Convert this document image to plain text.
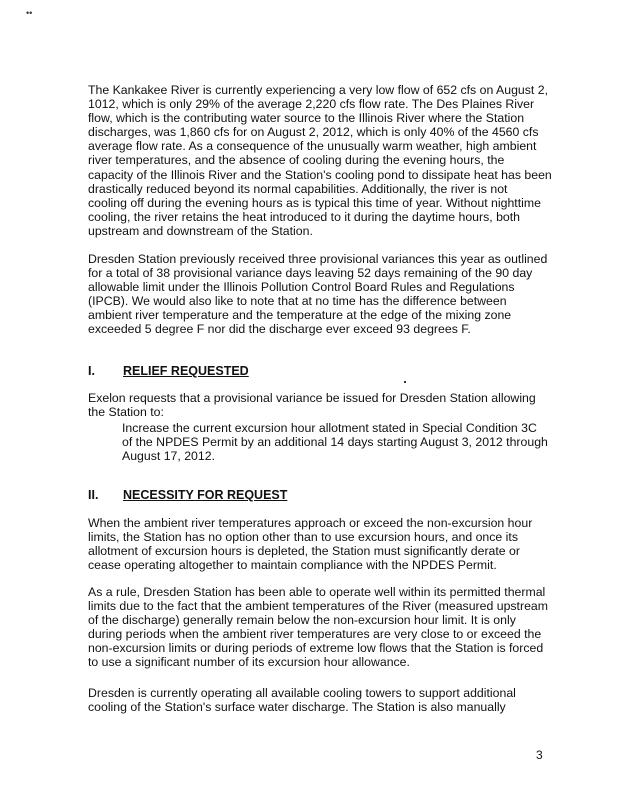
••
The Kankakee River is currently experiencing a very low flow of 652 cfs on August 2,
1012, which is only 29% of the average 2,220 cfs flow rate. The Des Plaines River
flow, which is the contributing water source to the Illinois River where the Station
discharges, was 1,860 cfs for on August 2, 2012, which is only 40% of the 4560 cfs
average flow rate. As a consequence of the unusually warm weather, high ambient
river temperatures, and the absence of cooling during the evening hours, the
capacity of the Illinois River and the Station's cooling pond to dissipate heat has been
drastically reduced beyond its normal capabilities. Additionally, the river is not
cooling off during the evening hours as is typical this time of year. Without nighttime
cooling, the river retains the heat introduced to it during the daytime hours, both
upstream and downstream of the Station.
Dresden Station previously received three provisional variances this year as outlined
for a total of 38 provisional variance days leaving 52 days remaining of the 90 day
allowable limit under the Illinois Pollution Control Board Rules and Regulations
(IPCB). We would also like to note that at no time has the difference between
ambient river temperature and the temperature at the edge of the mixing zone
exceeded 5 degree F nor did the discharge ever exceed 93 degrees F.
I. RELIEF REQUESTED
Exelon requests that a provisional variance be issued for Dresden Station allowing
the Station to:
Increase the current excursion hour allotment stated in Special Condition 3C
of the NPDES Permit by an additional 14 days starting August 3, 2012 through
August 17, 2012.
II. NECESSITY FOR REQUEST
When the ambient river temperatures approach or exceed the non-excursion hour
limits, the Station has no option other than to use excursion hours, and once its
allotment of excursion hours is depleted, the Station must significantly derate or
cease operating altogether to maintain compliance with the NPDES Permit.
As a rule, Dresden Station has been able to operate well within its permitted thermal
limits due to the fact that the ambient temperatures of the River (measured upstream
of the discharge) generally remain below the non-excursion hour limit. It is only
during periods when the ambient river temperatures are very close to or exceed the
non-excursion limits or during periods of extreme low flows that the Station is forced
to use a significant number of its excursion hour allowance.
Dresden is currently operating all available cooling towers to support additional
cooling of the Station's surface water discharge. The Station is also manually
3
